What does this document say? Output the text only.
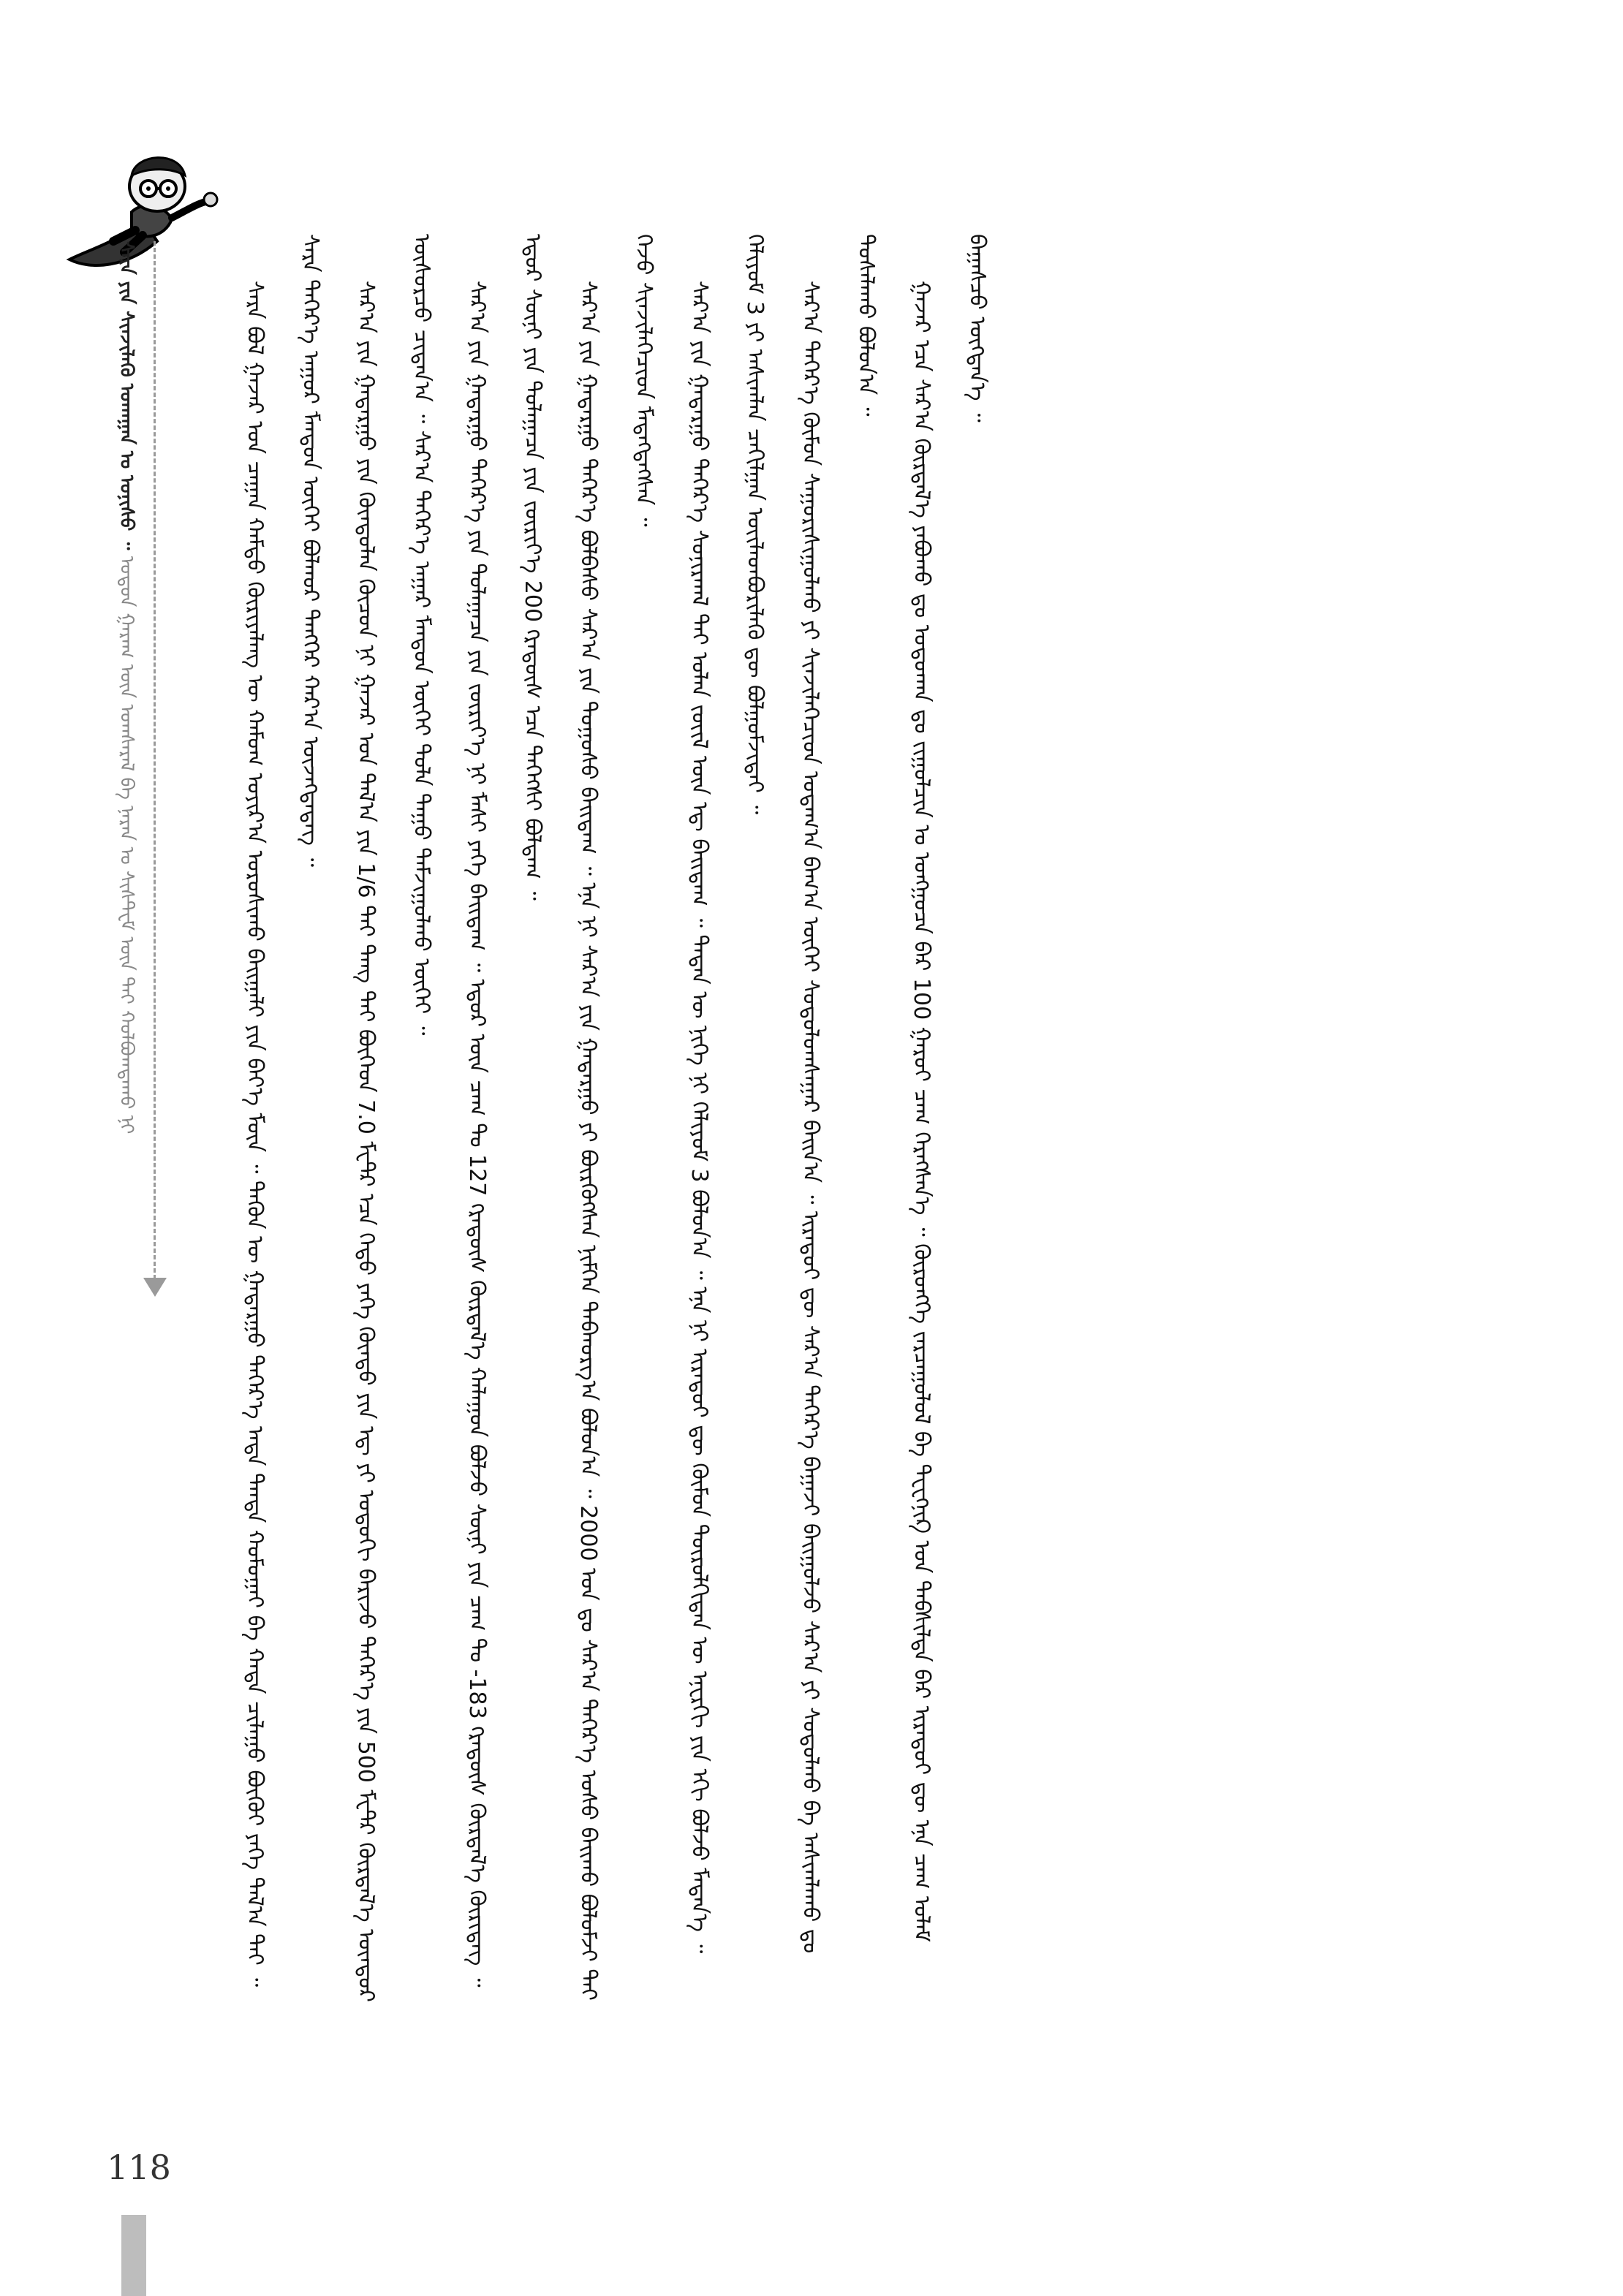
ᠰᠠᠷᠠ ᠶᠢᠨ ᠰᠢᠨᠵᠢᠯᠡᠬᠦ ᠤᠬᠠᠭᠠᠨ ᠤ ᠣᠨᠢᠰᠤ ᠃ ᠣᠳᠣᠨ ᠭᠠᠷᠠᠭ ᠦᠨ ᠤᠭᠰᠠᠷᠠᠯ ᠪᠠ ᠨᠠᠷᠠᠨ ᠤ ᠰᠢᠰᠲ᠋ᠧᠮ ᠦᠨ ᠲᠠᠢ ᠬᠣᠯᠪᠣᠭᠳᠠᠬᠤ ᠨᠢ	ᠰᠠᠷᠠ ᠪᠣᠯ ᠭᠠᠵᠠᠷ ᠤᠨ ᠴᠠᠭᠠᠨ ᠬᠠᠮᠲᠤ ᠬᠦᠷᠢᠶᠡᠯᠡᠩ ᠦ ᠬᠠᠮᠤᠭ ᠣᠶᠢᠷ᠎ᠠ ᠣᠷᠣᠰᠢᠬᠤ ᠪᠠᠢᠭᠠᠯᠢ ᠶᠢᠨ ᠪᠡᠶ᠎ᠡ ᠮᠥᠨ ᠃ ᠲᠡᠭᠦᠨ ᠦ ᠭᠠᠳᠠᠷᠭᠤ ᠳᠡᠭᠡᠷ᠎ᠡ ᠡᠨᠳᠡ ᠲᠡᠨᠳᠡ ᠬᠣᠮᠤᠭᠠᠢ ᠪᠠ ᠬᠠᠳᠠ ᠴᠢᠯᠠᠭᠤ ᠪᠦᠬᠦᠢ ᠶᠡᠬᠡ ᠲᠠᠯ᠎ᠠ ᠲᠠᠢ ᠃ ᠰᠠᠷᠠ ᠳᠡᠭᠡᠷ᠎ᠡ ᠠᠭᠤᠷ ᠮᠠᠨᠳᠤᠨ ᠦᠭᠡᠢ ᠪᠣᠯᠬᠣᠷ ᠲᠡᠩᠭᠡᠷ ᠬᠠᠷ᠎ᠠ ᠦᠵᠡᠭᠳᠡᠳᠡᠭ ᠃	ᠰᠠᠷ᠎ᠠ ᠶᠢᠨ ᠭᠠᠳᠠᠷᠭᠤ ᠶᠢᠨ ᠬᠦᠨᠳᠦᠯᠡᠨ ᠬᠦᠴᠦᠨ ᠨᠢ ᠭᠠᠵᠠᠷ ᠤᠨ ᠲᠠᠯ᠎ᠠ ᠶᠢᠨ 1/6 ᠲᠠᠢ ᠲᠡᠩ ᠲᠡᠢ ᠪᠥᠭᠡᠳ 7.0 ᠮᠧᠲ᠋ᠷ ᠡᠴᠡ ᠬᠡᠲᠦ ᠶᠡᠬᠡ ᠬᠦᠨᠳᠦ ᠶᠢᠨ ᠡᠳ᠋ ᠶᠢ ᠣᠳᠣᠬᠢ ᠪᠠᠷᠢᠵᠤ ᠳᠡᠭᠡᠷ᠎ᠡ ᠶᠢᠨ 500 ᠮᠧᠲ᠋ᠷ ᠬᠦᠷᠲᠡᠯ᠎ᠡ ᠥᠨᠳᠦᠷ ᠦᠰᠦᠷᠴᠦ ᠴᠢᠳᠠᠨ᠎ᠠ ᠃ ᠰᠠᠷ᠎ᠠ ᠳᠡᠭᠡᠷ᠎ᠡ ᠠᠭᠠᠷ ᠮᠠᠨᠳᠤᠨ ᠦᠭᠡᠢ ᠲᠤᠯᠠ ᠳᠠᠭᠤ ᠳᠠᠮᠵᠢᠭᠤᠯᠬᠤ ᠦᠭᠡᠢ ᠃	ᠰᠠᠷ᠎ᠠ ᠶᠢᠨ ᠭᠠᠳᠠᠷᠭᠤ ᠳᠡᠭᠡᠷ᠎ᠡ ᠶᠢᠨ ᠳᠤᠯᠠᠭᠠᠴᠠ ᠶᠢᠨ ᠵᠥᠷᠢᠶ᠎ᠡ ᠨᠢ ᠮᠠᠰᠢ ᠶᠡᠬᠡ ᠪᠠᠢᠳᠠᠭ ᠃ ᠡᠳᠦᠷ ᠦᠨ ᠴᠠᠭ ᠲᠤ 127 ᠭᠷᠠᠳᠦ᠋ᠰ ᠬᠦᠷᠲᠡᠯ᠎ᠡ ᠬᠠᠯᠠᠭᠤᠨ ᠪᠣᠯᠵᠤ ᠰᠥᠨᠢ ᠶᠢᠨ ᠴᠠᠭ ᠲᠤ -183 ᠭᠷᠠᠳᠦ᠋ᠰ ᠬᠦᠷᠲᠡᠯ᠎ᠡ ᠬᠥᠷᠢᠳᠡᠭ ᠃ ᠡᠳᠦᠷ ᠰᠥᠨᠢ ᠶᠢᠨ ᠳᠤᠯᠠᠭᠠᠴᠠ ᠶᠢᠨ ᠵᠥᠷᠢᠶ᠎ᠡ 200 ᠭᠷᠠᠳᠦ᠋ᠰ ᠡᠴᠡ ᠳᠡᠭᠡᠭᠰᠢ ᠪᠣᠯᠳᠠᠭ ᠃	ᠰᠠᠷ᠎ᠠ ᠶᠢᠨ ᠭᠠᠳᠠᠷᠭᠤ ᠳᠡᠭᠡᠷ᠎ᠡ ᠪᠣᠯᠪᠠᠰᠤ ᠰᠠᠷ᠎ᠠ ᠶᠢᠨ ᠲᠣᠭᠣᠰᠤ ᠪᠠᠢᠳᠠᠭ ᠃ ᠡᠨᠡ ᠨᠢ ᠰᠠᠷ᠎ᠠ ᠶᠢᠨ ᠭᠠᠳᠠᠷᠭᠤ ᠶᠢ ᠪᠦᠷᠬᠦᠭᠰᠡᠨ ᠨᠢᠮᠭᠡᠨ ᠳᠠᠪᠬᠤᠷᠭ᠎ᠠ ᠪᠣᠯᠤᠨ᠎ᠠ ᠃ 2000 ᠣᠨ ᠳᠤ ᠰᠠᠷ᠎ᠠ ᠳᠡᠭᠡᠷ᠎ᠡ ᠤᠰᠤ ᠪᠠᠢᠬᠤ ᠪᠣᠯᠣᠮᠵᠢ ᠲᠠᠢ ᠭᠡᠵᠦ ᠰᠢᠨᠵᠢᠯᠡᠭᠡᠴᠢᠳ ᠮᠡᠳᠡᠭᠳᠡᠭᠰᠡᠨ ᠃	ᠰᠠᠷ᠎ᠠ ᠶᠢᠨ ᠭᠠᠳᠠᠷᠭᠤ ᠳᠡᠭᠡᠷ᠎ᠡ ᠰᠣᠨᠢᠷᠬᠠᠯ ᠲᠠᠢ ᠣᠯᠠᠨ ᠵᠦᠢᠯ ᠦᠨ ᠡᠳ᠋ ᠪᠠᠢᠳᠠᠭ ᠃ ᠲᠡᠳᠡᠨ ᠦ ᠨᠢᠭᠡ ᠨᠢ ᠬᠡᠯᠢᠶᠦᠮ 3 ᠪᠣᠯᠤᠨ᠎ᠠ ᠃ ᠡᠨᠡ ᠨᠢ ᠢᠷᠡᠳᠦᠢ ᠳᠦ ᠬᠦᠮᠦᠨ ᠲᠥᠷᠦᠯᠬᠢᠲᠡᠨ ᠦ ᠡᠨᠧᠷᠭᠢ ᠶᠢᠨ ᠡᠬᠢ ᠪᠣᠯᠵᠤ ᠮᠡᠳᠡᠨ᠎ᠡ ᠃ ᠬᠡᠯᠢᠶᠦᠮ 3 ᠶᠢ ᠠᠰᠢᠭᠯᠠᠨ ᠴᠠᠬᠢᠯᠭᠠᠨ ᠦᠢᠯᠡᠳᠪᠦᠷᠢᠯᠡᠬᠦ ᠳᠦ ᠪᠣᠯᠭᠣᠮᠵᠢᠲᠠᠢ ᠃	ᠰᠠᠷ᠎ᠠ ᠳᠡᠭᠡᠷ᠎ᠡ ᠬᠦᠮᠦᠨ ᠰᠠᠭᠤᠷᠢᠰᠢᠭᠤᠯᠬᠤ ᠶᠢ ᠰᠢᠨᠵᠢᠯᠡᠭᠡᠴᠢᠳ ᠤᠳᠠᠭ᠎ᠠ ᠪᠠᠭ᠎ᠠ ᠦᠭᠡᠢ ᠰᠤᠳᠤᠯᠤᠭᠰᠠᠭᠠᠷ ᠪᠠᠢᠨ᠎ᠠ ᠃ ᠢᠷᠡᠳᠦᠢ ᠳᠦ ᠰᠠᠷ᠎ᠠ ᠳᠡᠭᠡᠷ᠎ᠡ ᠪᠠᠭᠠᠵᠢ ᠪᠠᠢᠭᠤᠯᠵᠤ ᠰᠠᠷ᠎ᠠ ᠶᠢ ᠰᠤᠳᠤᠯᠬᠤ ᠪᠠ ᠠᠰᠢᠭᠯᠠᠬᠤ ᠳᠤ ᠲᠤᠰᠠᠯᠠᠬᠤ ᠪᠣᠯᠤᠨ᠎ᠠ ᠃	ᠭᠠᠵᠠᠷ ᠡᠴᠡ ᠰᠠᠷ᠎ᠠ ᠬᠦᠷᠲᠡᠯ᠎ᠡ ᠶᠠᠪᠤᠬᠤ ᠳᠤ ᠣᠳᠣᠬᠠᠨ ᠳᠤ ᠵᠢᠭᠤᠯᠴᠢᠨ ᠤ ᠣᠩᠭᠤᠴᠠ ᠪᠡᠷ 100 ᠭᠠᠷᠤᠢ ᠴᠠᠭ ᠬᠡᠷᠡᠭᠰᠡᠨ᠎ᠡ ᠃ ᠬᠥᠷᠥᠩᠭᠡ ᠵᠠᠷᠴᠠᠭᠤᠯᠤᠯ ᠪᠠ ᠲᠸᠸᠬᠨᠢᠺ ᠤᠨ ᠳᠡᠪᠰᠢᠯᠲᠡ ᠪᠡᠷ ᠢᠷᠡᠳᠦᠢ ᠳᠦ ᠡᠨᠡ ᠴᠠᠭ ᠤᠯᠠᠮ ᠪᠠᠭᠠᠰᠴᠤ ᠥᠭᠳᠡᠨ᠎ᠡ ᠃

118
